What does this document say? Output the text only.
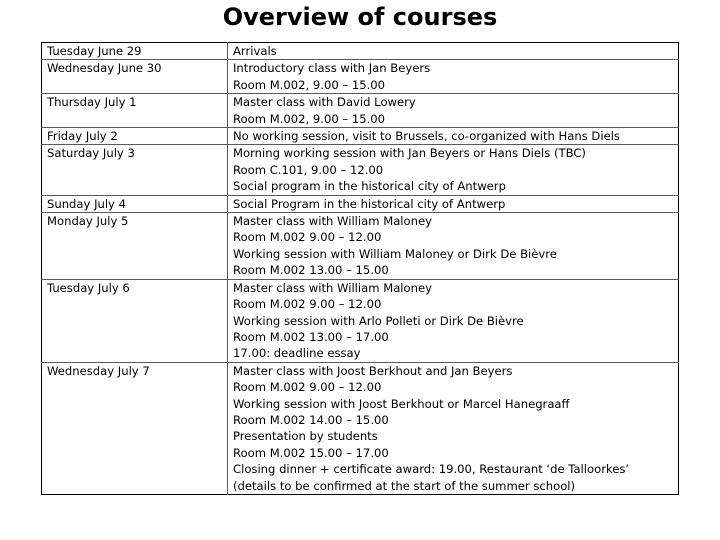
Overview of courses
Tuesday June 29	Arrivals

Wednesday June 30	Introductory class with Jan Beyers
Room M.002, 9.00 – 15.00

Thursday July 1	Master class with David Lowery
Room M.002, 9.00 – 15.00

Friday July 2	No working session, visit to Brussels, co-organized with Hans Diels

Saturday July 3	Morning working session with Jan Beyers or Hans Diels (TBC)
Room C.101, 9.00 – 12.00
Social program in the historical city of Antwerp

Sunday July 4	Social Program in the historical city of Antwerp

Monday July 5	Master class with William Maloney
Room M.002 9.00 – 12.00
Working session with William Maloney or Dirk De Bièvre
Room M.002 13.00 – 15.00

Tuesday July 6	Master class with William Maloney
Room M.002 9.00 – 12.00
Working session with Arlo Polleti or Dirk De Bièvre
Room M.002 13.00 – 17.00
17.00: deadline essay

Wednesday July 7	Master class with Joost Berkhout and Jan Beyers
Room M.002 9.00 – 12.00
Working session with Joost Berkhout or Marcel Hanegraaff
Room M.002 14.00 – 15.00
Presentation by students
Room M.002 15.00 – 17.00
Closing dinner + certificate award: 19.00, Restaurant ‘de Talloorkes’
(details to be confirmed at the start of the summer school)
